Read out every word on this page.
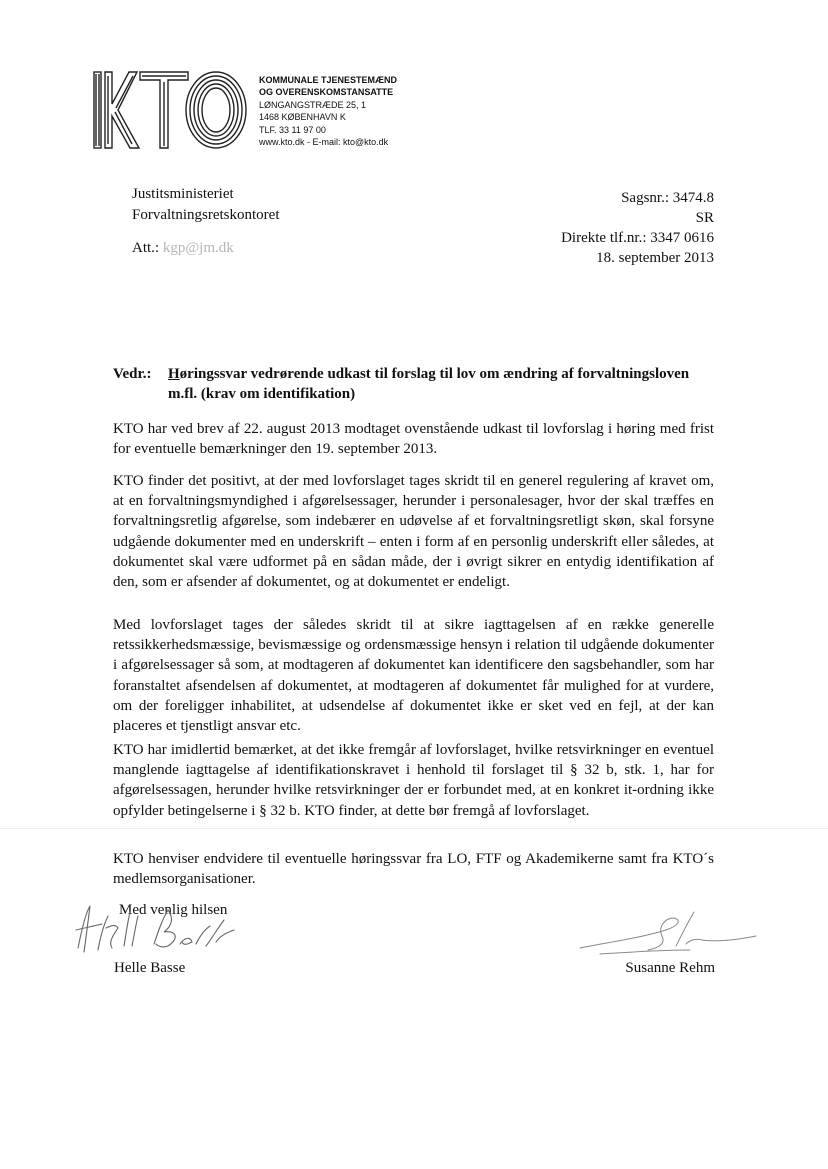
KTO
KOMMUNALE TJENESTEMÆND
OG OVERENSKOMSTANSATTE
LØNGANGSTRÆDE 25, 1
1468 KØBENHAVN K
TLF. 33 11 97 00
www.kto.dk - E-mail: kto@kto.dk
Justitsministeriet
Forvaltningsretskontoret
Att.: kgp@jm.dk
Sagsnr.: 3474.8
SR
Direkte tlf.nr.: 3347 0616
18. september 2013
Vedr.: Høringssvar vedrørende udkast til forslag til lov om ændring af forvaltningsloven m.fl. (krav om identifikation)

KTO har ved brev af 22. august 2013 modtaget ovenstående udkast til lovforslag i høring med frist for eventuelle bemærkninger den 19. september 2013.

KTO finder det positivt, at der med lovforslaget tages skridt til en generel regulering af kravet om, at en forvaltningsmyndighed i afgørelsessager, herunder i personalesager, hvor der skal træffes en forvaltningsretlig afgørelse, som indebærer en udøvelse af et forvaltningsretligt skøn, skal forsyne udgående dokumenter med en underskrift – enten i form af en personlig underskrift eller således, at dokumentet skal være udformet på en sådan måde, der i øvrigt sikrer en entydig identifikation af den, som er afsender af dokumentet, og at dokumentet er endeligt.

Med lovforslaget tages der således skridt til at sikre iagttagelsen af en række generelle retssikkerhedsmæssige, bevismæssige og ordensmæssige hensyn i relation til udgående dokumenter i afgørelsessager så som, at modtageren af dokumentet kan identificere den sagsbehandler, som har foranstaltet afsendelsen af dokumentet, at modtageren af dokumentet får mulighed for at vurdere, om der foreligger inhabilitet, at udsendelse af dokumentet ikke er sket ved en fejl, at der kan placeres et tjenstligt ansvar etc.

KTO har imidlertid bemærket, at det ikke fremgår af lovforslaget, hvilke retsvirkninger en eventuel manglende iagttagelse af identifikationskravet i henhold til forslaget til § 32 b, stk. 1, har for afgørelsessagen, herunder hvilke retsvirkninger der er forbundet med, at en konkret it-ordning ikke opfylder betingelserne i § 32 b. KTO finder, at dette bør fremgå af lovforslaget.

KTO henviser endvidere til eventuelle høringssvar fra LO, FTF og Akademikerne samt fra KTO´s medlemsorganisationer.

Med venlig hilsen
Helle Basse	Susanne Rehm
